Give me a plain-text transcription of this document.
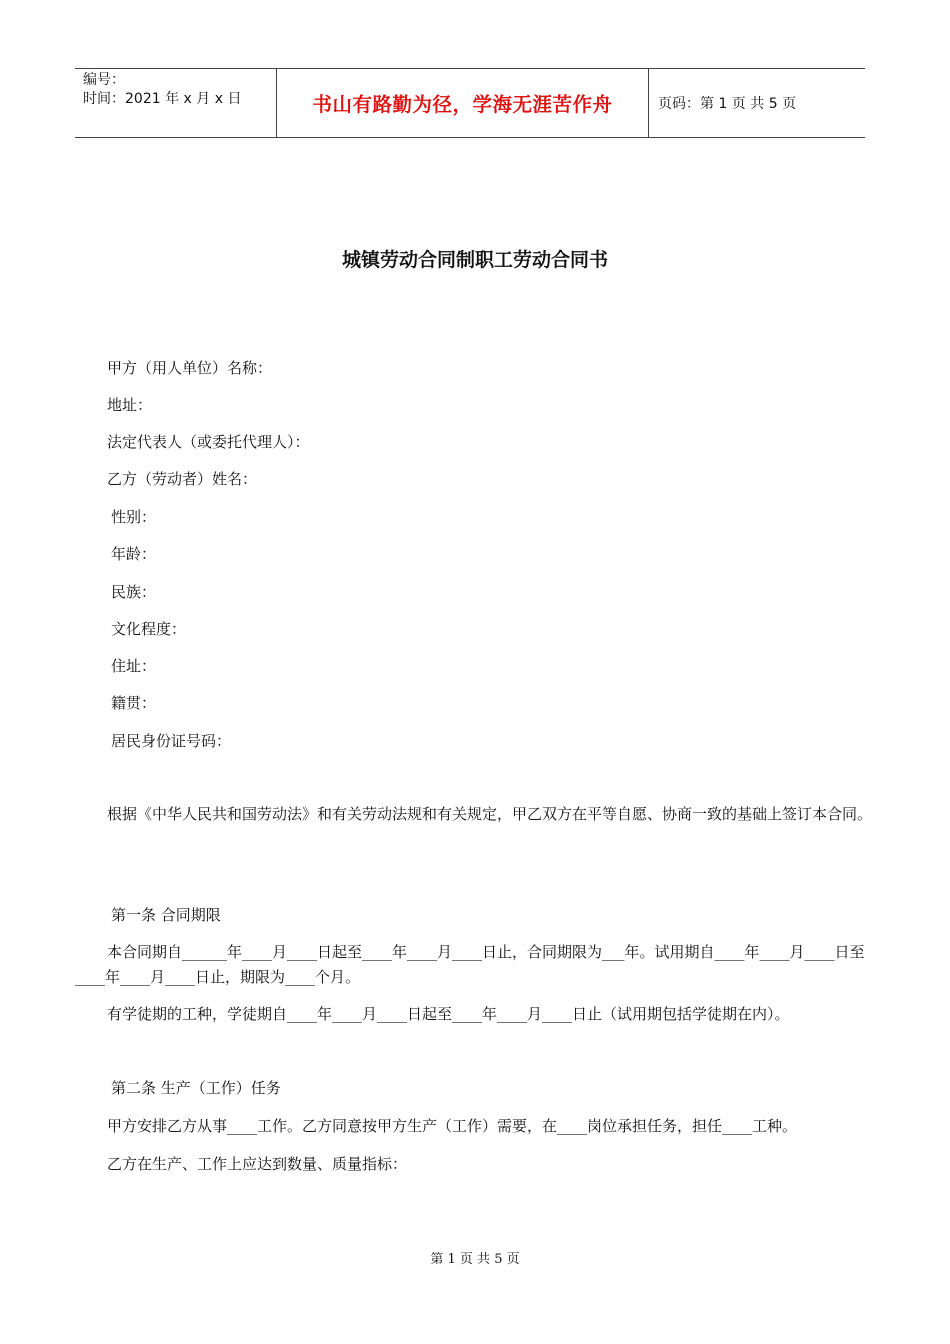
编号：
时间：2021 年 x 月 x 日	书山有路勤为径，学海无涯苦作舟	页码：第 1 页 共 5 页
城镇劳动合同制职工劳动合同书
甲方（用人单位）名称：
地址：
法定代表人（或委托代理人）：
乙方（劳动者）姓名：
性别：
年龄：
民族：
文化程度：
住址：
籍贯：
居民身份证号码：
根据《中华人民共和国劳动法》和有关劳动法规和有关规定，甲乙双方在平等自愿、协商一致的基础上签订本合同。
第一条 合同期限
本合同期自______年____月____日起至____年____月____日止，合同期限为___年。试用期自____年____月____日至____年____月____日止，期限为____个月。
有学徒期的工种，学徒期自____年____月____日起至____年____月____日止（试用期包括学徒期在内）。
第二条 生产（工作）任务
甲方安排乙方从事____工作。乙方同意按甲方生产（工作）需要，在____岗位承担任务，担任____工种。
乙方在生产、工作上应达到数量、质量指标：
第 1 页 共 5 页
